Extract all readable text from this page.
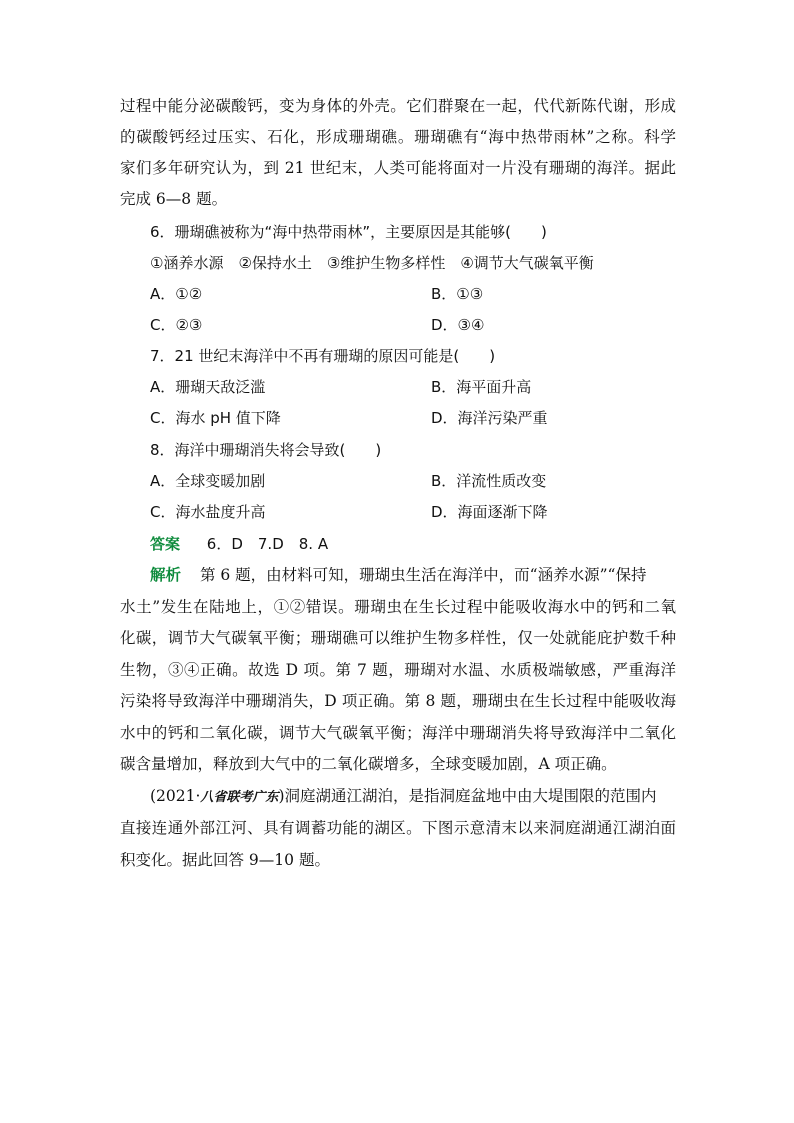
过程中能分泌碳酸钙，变为身体的外壳。它们群聚在一起，代代新陈代谢，形成
的碳酸钙经过压实、石化，形成珊瑚礁。珊瑚礁有“海中热带雨林”之称。科学
家们多年研究认为，到 21 世纪末，人类可能将面对一片没有珊瑚的海洋。据此
完成 6—8 题。
6．珊瑚礁被称为“海中热带雨林”，主要原因是其能够(　　)
①涵养水源　②保持水土　③维护生物多样性　④调节大气碳氧平衡
A．①②	B．①③
C．②③	D．③④
7．21 世纪末海洋中不再有珊瑚的原因可能是(　　)
A．珊瑚天敌泛滥	B．海平面升高
C．海水 pH 值下降	D．海洋污染严重
8．海洋中珊瑚消失将会导致(　　)
A．全球变暖加剧	B．洋流性质改变
C．海水盐度升高	D．海面逐渐下降
答案 6．D　7.D　8. A
解析 第 6 题，由材料可知，珊瑚虫生活在海洋中，而“涵养水源”“保持
水土”发生在陆地上，①②错误。珊瑚虫在生长过程中能吸收海水中的钙和二氧
化碳，调节大气碳氧平衡；珊瑚礁可以维护生物多样性，仅一处就能庇护数千种
生物，③④正确。故选 D 项。第 7 题，珊瑚对水温、水质极端敏感，严重海洋
污染将导致海洋中珊瑚消失，D 项正确。第 8 题，珊瑚虫在生长过程中能吸收海
水中的钙和二氧化碳，调节大气碳氧平衡；海洋中珊瑚消失将导致海洋中二氧化
碳含量增加，释放到大气中的二氧化碳增多，全球变暖加剧，A 项正确。
(2021·八省联考广东)洞庭湖通江湖泊，是指洞庭盆地中由大堤围限的范围内
直接连通外部江河、具有调蓄功能的湖区。下图示意清末以来洞庭湖通江湖泊面
积变化。据此回答 9—10 题。
